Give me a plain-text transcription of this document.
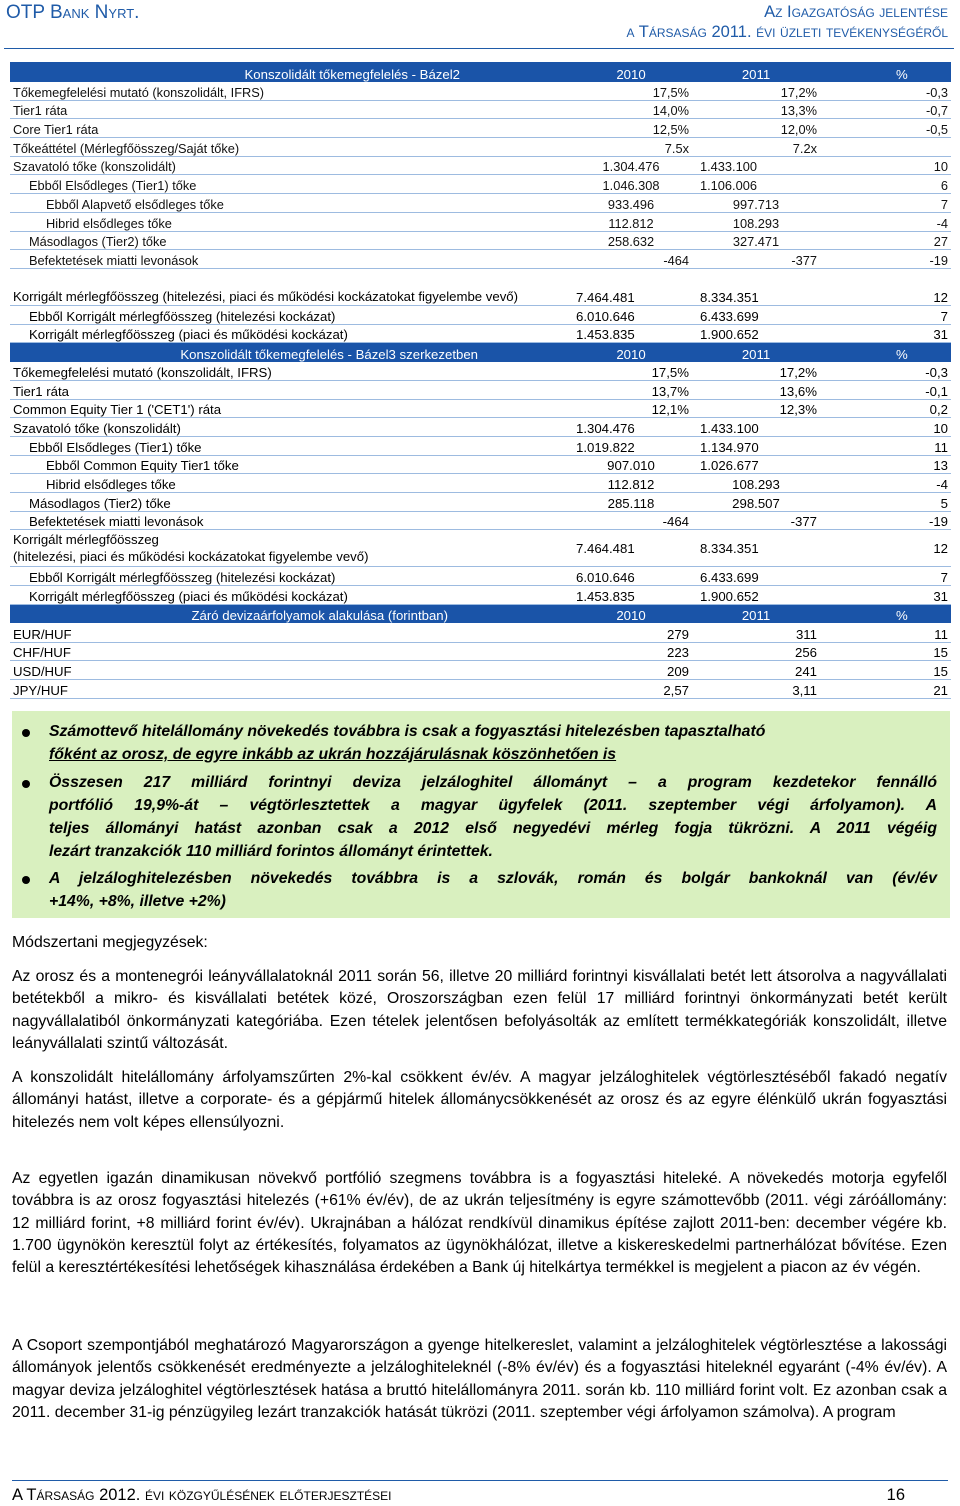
OTP Bank Nyrt.	Az Igazgatóság jelentése
a Társaság 2011. évi üzleti tevékenységéről
Konszolidált tőkemegfelelés - Bázel2	2010	2011	%
Tőkemegfelelési mutató (konszolidált, IFRS)	17,5%	17,2%	-0,3
Tier1 ráta	14,0%	13,3%	-0,7
Core Tier1 ráta	12,5%	12,0%	-0,5
Tőkeáttétel (Mérlegfőösszeg/Saját tőke)	7.5x	7.2x	
Szavatoló tőke (konszolidált)	1.304.476	1.433.100	10
Ebből Elsődleges (Tier1) tőke	1.046.308	1.106.006	6
Ebből Alapvető elsődleges tőke	933.496	997.713	7
Hibrid elsődleges tőke	112.812	108.293	-4
Másodlagos (Tier2) tőke	258.632	327.471	27
Befektetések miatti levonások	-464	-377	-19
Korrigált mérlegfőösszeg (hitelezési, piaci és működési kockázatokat figyelembe vevő)	7.464.481	8.334.351	12
Ebből Korrigált mérlegfőösszeg (hitelezési kockázat)	6.010.646	6.433.699	7
Korrigált mérlegfőösszeg (piaci és működési kockázat)	1.453.835	1.900.652	31
Konszolidált tőkemegfelelés - Bázel3 szerkezetben	2010	2011	%
Tőkemegfelelési mutató (konszolidált, IFRS)	17,5%	17,2%	-0,3
Tier1 ráta	13,7%	13,6%	-0,1
Common Equity Tier 1 ('CET1') ráta	12,1%	12,3%	0,2
Szavatoló tőke (konszolidált)	1.304.476	1.433.100	10
Ebből Elsődleges (Tier1) tőke	1.019.822	1.134.970	11
Ebből Common Equity Tier1 tőke	907.010	1.026.677	13
Hibrid elsődleges tőke	112.812	108.293	-4
Másodlagos (Tier2) tőke	285.118	298.507	5
Befektetések miatti levonások	-464	-377	-19

Korrigált mérlegfőösszeg
(hitelezési, piaci és működési kockázatokat figyelembe vevő)	7.464.481	8.334.351	12
Ebből Korrigált mérlegfőösszeg (hitelezési kockázat)	6.010.646	6.433.699	7
Korrigált mérlegfőösszeg (piaci és működési kockázat)	1.453.835	1.900.652	31
Záró devizaárfolyamok alakulása (forintban)	2010	2011	%
EUR/HUF	279	311	11
CHF/HUF	223	256	15
USD/HUF	209	241	15
JPY/HUF	2,57	3,11	21
Számottevő hitelállomány növekedés továbbra is csak a fogyasztási hitelezésben tapasztalható
főként az orosz, de egyre inkább az ukrán hozzájárulásnak köszönhetően is
Összesen 217 milliárd forintnyi deviza jelzáloghitel állományt – a program kezdetekor fennálló
portfólió 19,9%-át – végtörlesztettek a magyar ügyfelek (2011. szeptember végi árfolyamon). A
teljes állományi hatást azonban csak a 2012 első negyedévi mérleg fogja tükrözni. A 2011 végéig
lezárt tranzakciók 110 milliárd forintos állományt érintettek.
A jelzáloghitelezésben növekedés továbbra is a szlovák, román és bolgár bankoknál van (év/év
+14%, +8%, illetve +2%)
Módszertani megjegyzések:
Az orosz és a montenegrói leányvállalatoknál 2011 során 56, illetve 20 milliárd forintnyi kisvállalati betét lett átsorolva a nagyvállalati betétekből a mikro- és kisvállalati betétek közé, Oroszországban ezen felül 17 milliárd forintnyi önkormányzati betét került nagyvállalatiból önkormányzati kategóriába. Ezen tételek jelentősen befolyásolták az említett termékkategóriák konszolidált, illetve leányvállalati szintű változását.
A konszolidált hitelállomány árfolyamszűrten 2%-kal csökkent év/év. A magyar jelzáloghitelek végtörlesztéséből fakadó negatív állományi hatást, illetve a corporate- és a gépjármű hitelek állománycsökkenését az orosz és az egyre élénkülő ukrán fogyasztási hitelezés nem volt képes ellensúlyozni.
Az egyetlen igazán dinamikusan növekvő portfólió szegmens továbbra is a fogyasztási hiteleké. A növekedés motorja egyfelől továbbra is az orosz fogyasztási hitelezés (+61% év/év), de az ukrán teljesítmény is egyre számottevőbb (2011. végi záróállomány: 12 milliárd forint, +8 milliárd forint év/év). Ukrajnában a hálózat rendkívül dinamikus építése zajlott 2011-ben: december végére kb. 1.700 ügynökön keresztül folyt az értékesítés, folyamatos az ügynökhálózat, illetve a kiskereskedelmi partnerhálózat bővítése. Ezen felül a keresztértékesítési lehetőségek kihasználása érdekében a Bank új hitelkártya termékkel is megjelent a piacon az év végén.
A Csoport szempontjából meghatározó Magyarországon a gyenge hitelkereslet, valamint a jelzáloghitelek végtörlesztése a lakossági állományok jelentős csökkenését eredményezte a jelzáloghiteleknél (-8% év/év) és a fogyasztási hiteleknél egyaránt (-4% év/év). A magyar deviza jelzáloghitel végtörlesztések hatása a bruttó hitelállományra 2011. során kb. 110 milliárd forint volt. Ez azonban csak a 2011. december 31-ig pénzügyileg lezárt tranzakciók hatását tükrözi (2011. szeptember végi árfolyamon számolva). A program
A Társaság 2012. évi közgyűlésének előterjesztései	16
